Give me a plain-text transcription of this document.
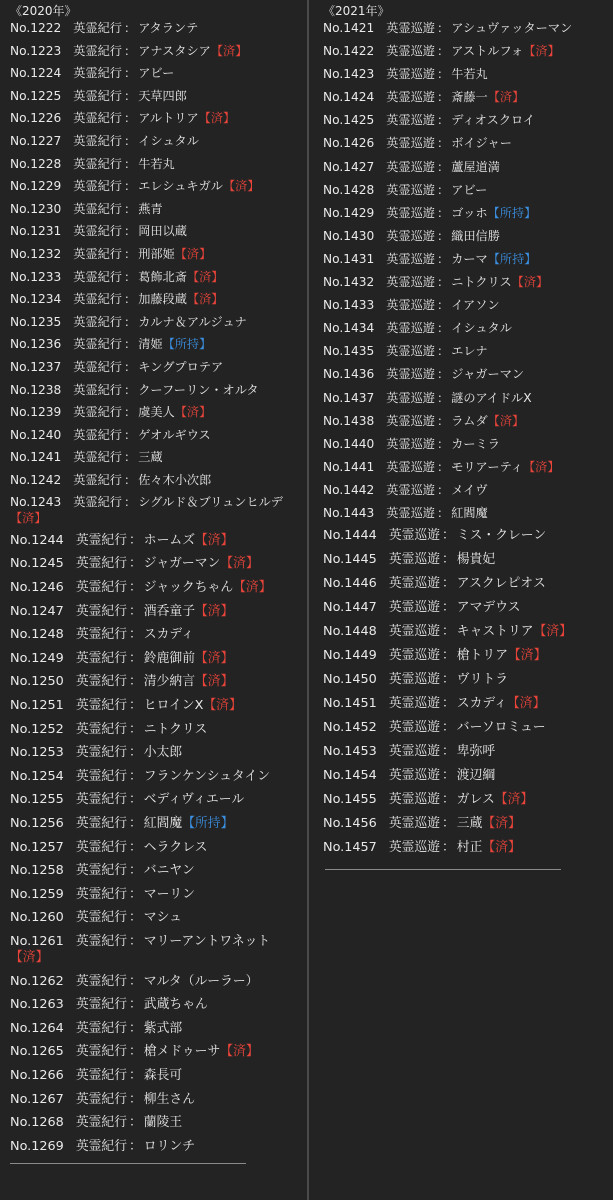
《2020年》
No.1222 英霊紀行 ： アタランテ
No.1223 英霊紀行 ： アナスタシア【済】
No.1224 英霊紀行 ： アビー
No.1225 英霊紀行 ： 天草四郎
No.1226 英霊紀行 ： アルトリア【済】
No.1227 英霊紀行 ： イシュタル
No.1228 英霊紀行 ： 牛若丸
No.1229 英霊紀行 ： エレシュキガル【済】
No.1230 英霊紀行 ： 燕青
No.1231 英霊紀行 ： 岡田以蔵
No.1232 英霊紀行 ： 刑部姫【済】
No.1233 英霊紀行 ： 葛飾北斎【済】
No.1234 英霊紀行 ： 加藤段蔵【済】
No.1235 英霊紀行 ： カルナ＆アルジュナ
No.1236 英霊紀行 ： 清姫【所持】
No.1237 英霊紀行 ： キングプロテア
No.1238 英霊紀行 ： クーフーリン・オルタ
No.1239 英霊紀行 ： 虞美人【済】
No.1240 英霊紀行 ： ゲオルギウス
No.1241 英霊紀行 ： 三蔵
No.1242 英霊紀行 ： 佐々木小次郎
No.1243 英霊紀行 ： シグルド＆ブリュンヒルデ【済】
No.1244 英霊紀行 ： ホームズ【済】
No.1245 英霊紀行 ： ジャガーマン【済】
No.1246 英霊紀行 ： ジャックちゃん【済】
No.1247 英霊紀行 ： 酒呑童子【済】
No.1248 英霊紀行 ： スカディ
No.1249 英霊紀行 ： 鈴鹿御前【済】
No.1250 英霊紀行 ： 清少納言【済】
No.1251 英霊紀行 ： ヒロインX【済】
No.1252 英霊紀行 ： ニトクリス
No.1253 英霊紀行 ： 小太郎
No.1254 英霊紀行 ： フランケンシュタイン
No.1255 英霊紀行 ： ベディヴィエール
No.1256 英霊紀行 ： 紅閻魔【所持】
No.1257 英霊紀行 ： ヘラクレス
No.1258 英霊紀行 ： バニヤン
No.1259 英霊紀行 ： マーリン
No.1260 英霊紀行 ： マシュ
No.1261 英霊紀行 ： マリーアントワネット【済】
No.1262 英霊紀行 ： マルタ（ルーラー）
No.1263 英霊紀行 ： 武蔵ちゃん
No.1264 英霊紀行 ： 紫式部
No.1265 英霊紀行 ： 槍メドゥーサ【済】
No.1266 英霊紀行 ： 森長可
No.1267 英霊紀行 ： 柳生さん
No.1268 英霊紀行 ： 蘭陵王
No.1269 英霊紀行 ： ロリンチ
《2021年》
No.1421 英霊巡遊 ： アシュヴァッターマン
No.1422 英霊巡遊 ： アストルフォ【済】
No.1423 英霊巡遊 ： 牛若丸
No.1424 英霊巡遊 ： 斎藤一【済】
No.1425 英霊巡遊 ： ディオスクロイ
No.1426 英霊巡遊 ： ボイジャー
No.1427 英霊巡遊 ： 蘆屋道満
No.1428 英霊巡遊 ： アビー
No.1429 英霊巡遊 ： ゴッホ【所持】
No.1430 英霊巡遊 ： 織田信勝
No.1431 英霊巡遊 ： カーマ【所持】
No.1432 英霊巡遊 ： ニトクリス【済】
No.1433 英霊巡遊 ： イアソン
No.1434 英霊巡遊 ： イシュタル
No.1435 英霊巡遊 ： エレナ
No.1436 英霊巡遊 ： ジャガーマン
No.1437 英霊巡遊 ： 謎のアイドルX
No.1438 英霊巡遊 ： ラムダ【済】
No.1440 英霊巡遊 ： カーミラ
No.1441 英霊巡遊 ： モリアーティ【済】
No.1442 英霊巡遊 ： メイヴ
No.1443 英霊巡遊 ： 紅閻魔
No.1444 英霊巡遊 ： ミス・クレーン
No.1445 英霊巡遊 ： 楊貴妃
No.1446 英霊巡遊 ： アスクレピオス
No.1447 英霊巡遊 ： アマデウス
No.1448 英霊巡遊 ： キャストリア【済】
No.1449 英霊巡遊 ： 槍トリア【済】
No.1450 英霊巡遊 ： ヴリトラ
No.1451 英霊巡遊 ： スカディ【済】
No.1452 英霊巡遊 ： バーソロミュー
No.1453 英霊巡遊 ： 卑弥呼
No.1454 英霊巡遊 ： 渡辺綱
No.1455 英霊巡遊 ： ガレス【済】
No.1456 英霊巡遊 ： 三蔵【済】
No.1457 英霊巡遊 ： 村正【済】
